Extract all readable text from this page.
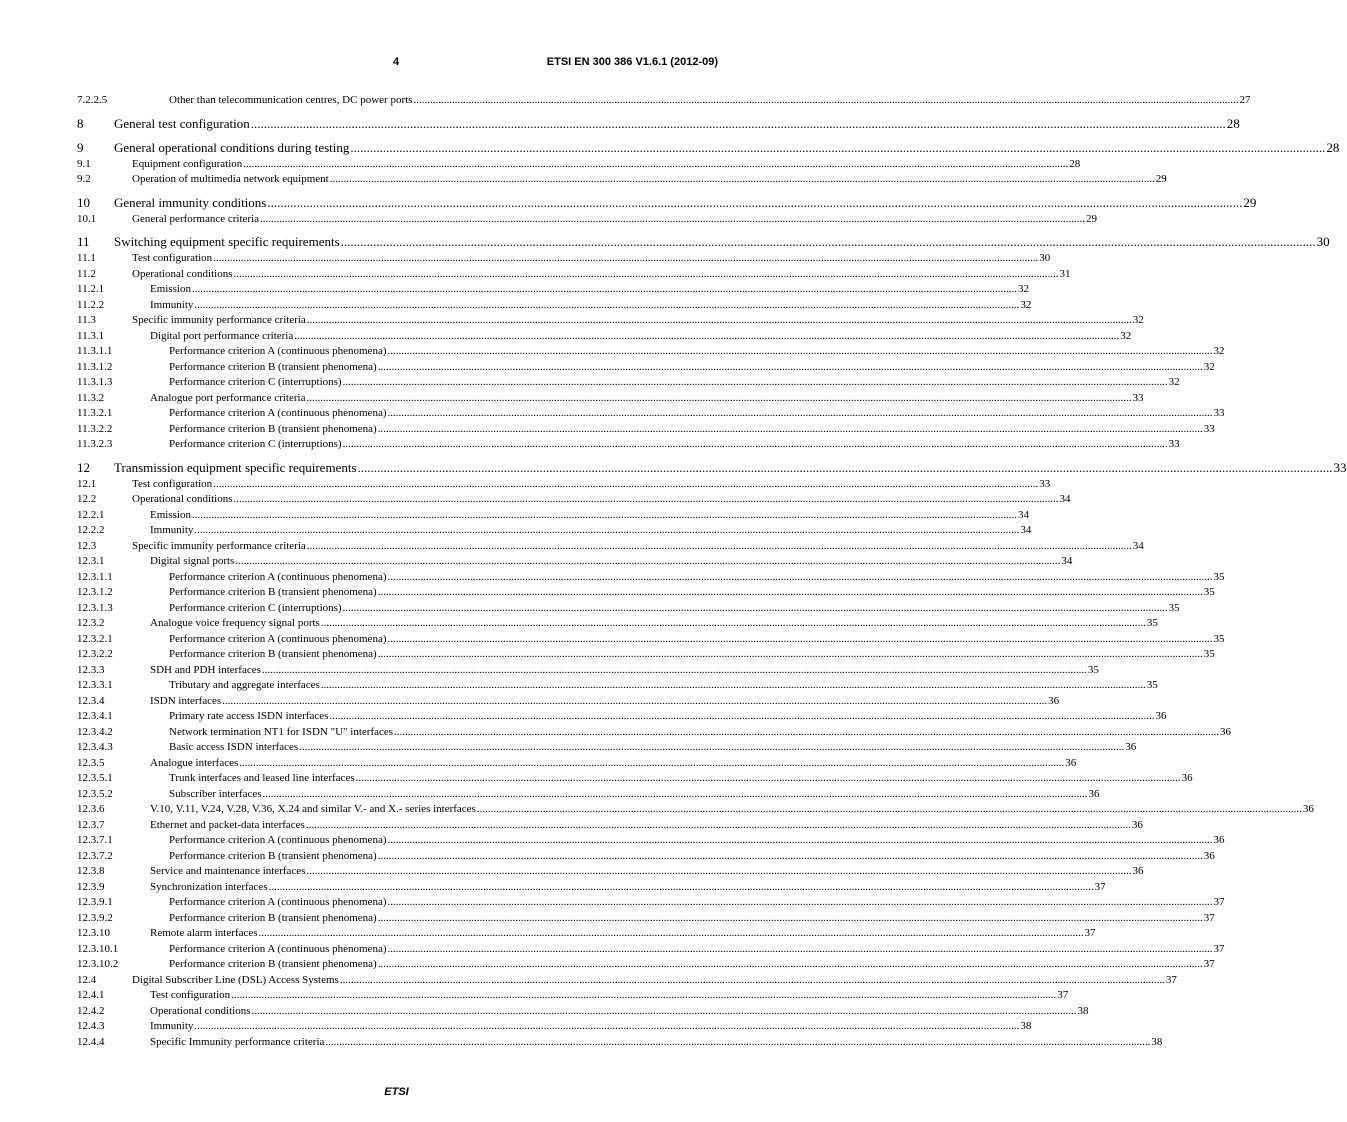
4	ETSI EN 300 386 V1.6.1 (2012-09)
7.2.2.5	Other than telecommunication centres, DC power ports ............................................................................................................................................................................................................................................................................................................ 27
8 General test configuration ............................................................................................................................................................................................................................................................................................................ 28
9 General operational conditions during testing ............................................................................................................................................................................................................................................................................................................ 28
9.1	Equipment configuration ............................................................................................................................................................................................................................................................................................................ 28
9.2	Operation of multimedia network equipment ............................................................................................................................................................................................................................................................................................................ 29
10 General immunity conditions ............................................................................................................................................................................................................................................................................................................ 29
10.1	General performance criteria ............................................................................................................................................................................................................................................................................................................ 29
11 Switching equipment specific requirements ............................................................................................................................................................................................................................................................................................................ 30
11.1	Test configuration ............................................................................................................................................................................................................................................................................................................ 30
11.2	Operational conditions ............................................................................................................................................................................................................................................................................................................ 31
11.2.1	Emission ............................................................................................................................................................................................................................................................................................................ 32
11.2.2	Immunity ............................................................................................................................................................................................................................................................................................................ 32
11.3	Specific immunity performance criteria ............................................................................................................................................................................................................................................................................................................ 32
11.3.1	Digital port performance criteria ............................................................................................................................................................................................................................................................................................................ 32
11.3.1.1	Performance criterion A (continuous phenomena) ............................................................................................................................................................................................................................................................................................................ 32
11.3.1.2	Performance criterion B (transient phenomena) ............................................................................................................................................................................................................................................................................................................ 32
11.3.1.3	Performance criterion C (interruptions) ............................................................................................................................................................................................................................................................................................................ 32
11.3.2	Analogue port performance criteria ............................................................................................................................................................................................................................................................................................................ 33
11.3.2.1	Performance criterion A (continuous phenomena) ............................................................................................................................................................................................................................................................................................................ 33
11.3.2.2	Performance criterion B (transient phenomena) ............................................................................................................................................................................................................................................................................................................ 33
11.3.2.3	Performance criterion C (interruptions) ............................................................................................................................................................................................................................................................................................................ 33
12 Transmission equipment specific requirements ............................................................................................................................................................................................................................................................................................................ 33
12.1	Test configuration ............................................................................................................................................................................................................................................................................................................ 33
12.2	Operational conditions ............................................................................................................................................................................................................................................................................................................ 34
12.2.1	Emission ............................................................................................................................................................................................................................................................................................................ 34
12.2.2	Immunity ............................................................................................................................................................................................................................................................................................................ 34
12.3	Specific immunity performance criteria ............................................................................................................................................................................................................................................................................................................ 34
12.3.1	Digital signal ports ............................................................................................................................................................................................................................................................................................................ 34
12.3.1.1	Performance criterion A (continuous phenomena) ............................................................................................................................................................................................................................................................................................................ 35
12.3.1.2	Performance criterion B (transient phenomena) ............................................................................................................................................................................................................................................................................................................ 35
12.3.1.3	Performance criterion C (interruptions) ............................................................................................................................................................................................................................................................................................................ 35
12.3.2	Analogue voice frequency signal ports ............................................................................................................................................................................................................................................................................................................ 35
12.3.2.1	Performance criterion A (continuous phenomena) ............................................................................................................................................................................................................................................................................................................ 35
12.3.2.2	Performance criterion B (transient phenomena) ............................................................................................................................................................................................................................................................................................................ 35
12.3.3	SDH and PDH interfaces ............................................................................................................................................................................................................................................................................................................ 35
12.3.3.1	Tributary and aggregate interfaces ............................................................................................................................................................................................................................................................................................................ 35
12.3.4	ISDN interfaces ............................................................................................................................................................................................................................................................................................................ 36
12.3.4.1	Primary rate access ISDN interfaces ............................................................................................................................................................................................................................................................................................................ 36
12.3.4.2	Network termination NT1 for ISDN "U" interfaces ............................................................................................................................................................................................................................................................................................................ 36
12.3.4.3	Basic access ISDN interfaces ............................................................................................................................................................................................................................................................................................................ 36
12.3.5	Analogue interfaces ............................................................................................................................................................................................................................................................................................................ 36
12.3.5.1	Trunk interfaces and leased line interfaces ............................................................................................................................................................................................................................................................................................................ 36
12.3.5.2	Subscriber interfaces ............................................................................................................................................................................................................................................................................................................ 36
12.3.6	V.10, V.11, V.24, V.28, V.36, X.24 and similar V.- and X.- series interfaces ............................................................................................................................................................................................................................................................................................................ 36
12.3.7	Ethernet and packet-data interfaces ............................................................................................................................................................................................................................................................................................................ 36
12.3.7.1	Performance criterion A (continuous phenomena) ............................................................................................................................................................................................................................................................................................................ 36
12.3.7.2	Performance criterion B (transient phenomena) ............................................................................................................................................................................................................................................................................................................ 36
12.3.8	Service and maintenance interfaces ............................................................................................................................................................................................................................................................................................................ 36
12.3.9	Synchronization interfaces ............................................................................................................................................................................................................................................................................................................ 37
12.3.9.1	Performance criterion A (continuous phenomena) ............................................................................................................................................................................................................................................................................................................ 37
12.3.9.2	Performance criterion B (transient phenomena) ............................................................................................................................................................................................................................................................................................................ 37
12.3.10	Remote alarm interfaces ............................................................................................................................................................................................................................................................................................................ 37
12.3.10.1	Performance criterion A (continuous phenomena) ............................................................................................................................................................................................................................................................................................................ 37
12.3.10.2	Performance criterion B (transient phenomena) ............................................................................................................................................................................................................................................................................................................ 37
12.4	Digital Subscriber Line (DSL) Access Systems ............................................................................................................................................................................................................................................................................................................ 37
12.4.1	Test configuration ............................................................................................................................................................................................................................................................................................................ 37
12.4.2	Operational conditions ............................................................................................................................................................................................................................................................................................................ 38
12.4.3	Immunity ............................................................................................................................................................................................................................................................................................................ 38
12.4.4	Specific Immunity performance criteria ............................................................................................................................................................................................................................................................................................................ 38
ETSI
